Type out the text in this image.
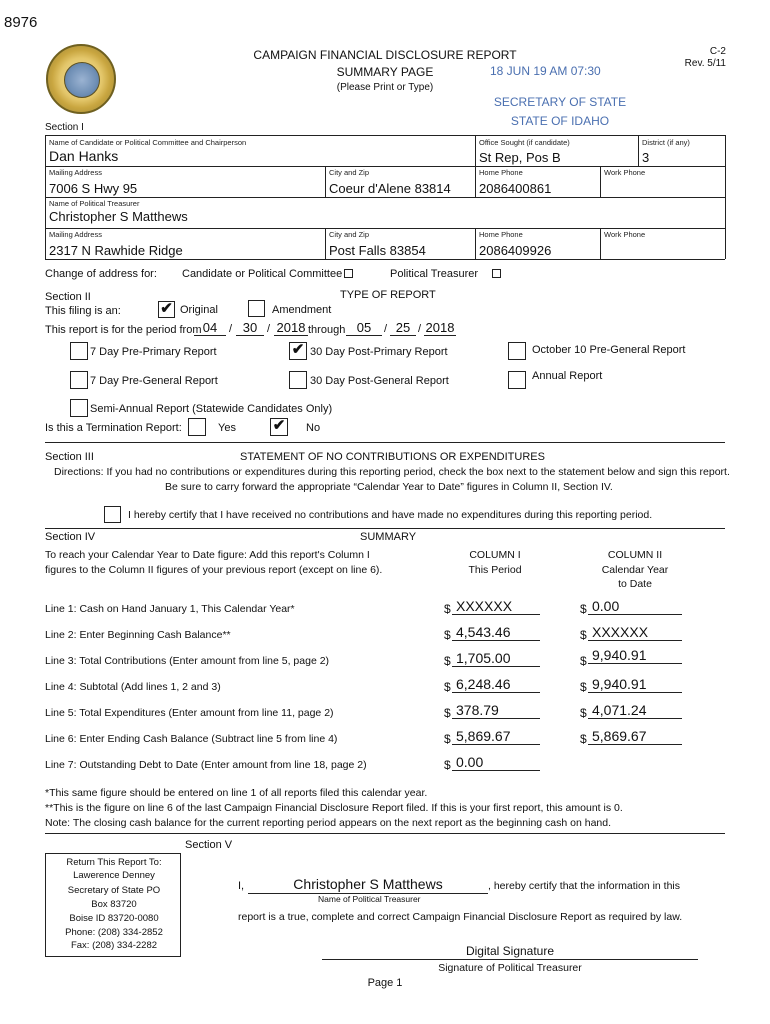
8976
CAMPAIGN FINANCIAL DISCLOSURE REPORT
SUMMARY PAGE
(Please Print or Type)
18 JUN 19 AM 07:30
SECRETARY OF STATE
STATE OF IDAHO
C-2
Rev. 5/11
Section I
Name of Candidate or Political Committee and Chairperson
Dan Hanks
Office Sought (if candidate)
St Rep, Pos B
District (if any)
3
Mailing Address
7006 S Hwy 95
City and Zip
Coeur d'Alene 83814
Home Phone
2086400861
Work Phone
Name of Political Treasurer
Christopher S Matthews
Mailing Address
2317 N Rawhide Ridge
City and Zip
Post Falls 83854
Home Phone
2086409926
Work Phone
Change of address for: Candidate or Political Committee	Political Treasurer
Section II	TYPE OF REPORT
This filing is an:	✔ Original	Amendment
This report is for the period from 04	/ 30 / 2018 through 05	/ 25 / 2018
7 Day Pre-Primary Report	✔ 30 Day Post-Primary Report	October 10 Pre-General Report
7 Day Pre-General Report	30 Day Post-General Report	Annual Report
Semi-Annual Report (Statewide Candidates Only)
Is this a Termination Report:	Yes ✔ No
Section III	STATEMENT OF NO CONTRIBUTIONS OR EXPENDITURES
Directions: If you had no contributions or expenditures during this reporting period, check the box next to the statement below and sign this report.
Be sure to carry forward the appropriate “Calendar Year to Date” figures in Column II, Section IV.
I hereby certify that I have received no contributions and have made no expenditures during this reporting period.
Section IV	SUMMARY
To reach your Calendar Year to Date figure: Add this report's Column I
figures to the Column II figures of your previous report (except on line 6).
COLUMN I
This Period
COLUMN II
Calendar Year
to Date
Line 1: Cash on Hand January 1, This Calendar Year*	$ XXXXXX	$ 0.00
Line 2: Enter Beginning Cash Balance**	$ 4,543.46	$ XXXXXX
Line 3: Total Contributions (Enter amount from line 5, page 2)	$ 1,705.00	$ 9,940.91
Line 4: Subtotal (Add lines 1, 2 and 3)	$ 6,248.46	$ 9,940.91
Line 5: Total Expenditures (Enter amount from line 11, page 2)	$ 378.79	$ 4,071.24
Line 6: Enter Ending Cash Balance (Subtract line 5 from line 4)	$ 5,869.67	$ 5,869.67
Line 7: Outstanding Debt to Date (Enter amount from line 18, page 2)	$ 0.00
*This same figure should be entered on line 1 of all reports filed this calendar year.
**This is the figure on line 6 of the last Campaign Financial Disclosure Report filed. If this is your first report, this amount is 0.
Note: The closing cash balance for the current reporting period appears on the next report as the beginning cash on hand.
Section V
Return This Report To:
Lawerence Denney
Secretary of State PO
Box 83720
Boise ID 83720-0080
Phone: (208) 334-2852
Fax: (208) 334-2282
I,	Christopher S Matthews	, hereby certify that the information in this
Name of Political Treasurer
report is a true, complete and correct Campaign Financial Disclosure Report as required by law.
Digital Signature
Signature of Political Treasurer
Page 1
